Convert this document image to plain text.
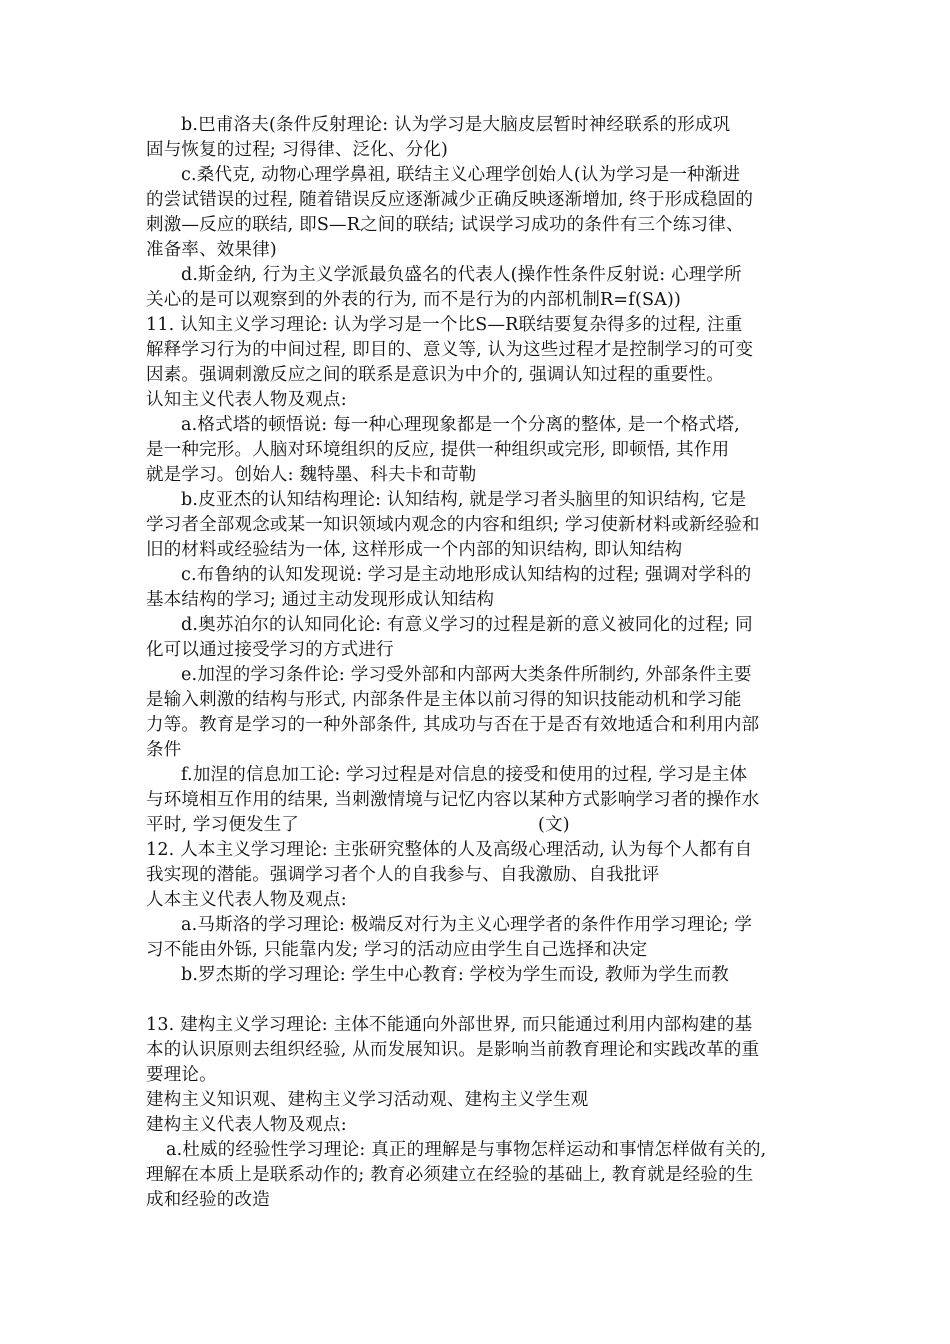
b.巴甫洛夫(条件反射理论: 认为学习是大脑皮层暂时神经联系的形成巩
固与恢复的过程; 习得律、泛化、分化)
c.桑代克, 动物心理学鼻祖, 联结主义心理学创始人(认为学习是一种渐进
的尝试错误的过程, 随着错误反应逐渐减少正确反映逐渐增加, 终于形成稳固的
刺激—反应的联结, 即S—R之间的联结; 试误学习成功的条件有三个练习律、
准备率、效果律)
d.斯金纳, 行为主义学派最负盛名的代表人(操作性条件反射说: 心理学所
关心的是可以观察到的外表的行为, 而不是行为的内部机制R=f(SA))
11. 认知主义学习理论: 认为学习是一个比S—R联结要复杂得多的过程, 注重
解释学习行为的中间过程, 即目的、意义等, 认为这些过程才是控制学习的可变
因素。强调刺激反应之间的联系是意识为中介的, 强调认知过程的重要性。
认知主义代表人物及观点:
a.格式塔的顿悟说: 每一种心理现象都是一个分离的整体, 是一个格式塔,
是一种完形。人脑对环境组织的反应, 提供一种组织或完形, 即顿悟, 其作用
就是学习。创始人: 魏特墨、科夫卡和苛勒
b.皮亚杰的认知结构理论: 认知结构, 就是学习者头脑里的知识结构, 它是
学习者全部观念或某一知识领域内观念的内容和组织; 学习使新材料或新经验和
旧的材料或经验结为一体, 这样形成一个内部的知识结构, 即认知结构
c.布鲁纳的认知发现说: 学习是主动地形成认知结构的过程; 强调对学科的
基本结构的学习; 通过主动发现形成认知结构
d.奥苏泊尔的认知同化论: 有意义学习的过程是新的意义被同化的过程; 同
化可以通过接受学习的方式进行
e.加涅的学习条件论: 学习受外部和内部两大类条件所制约, 外部条件主要
是输入刺激的结构与形式, 内部条件是主体以前习得的知识技能动机和学习能
力等。教育是学习的一种外部条件, 其成功与否在于是否有效地适合和利用内部
条件
f.加涅的信息加工论: 学习过程是对信息的接受和使用的过程, 学习是主体
与环境相互作用的结果, 当刺激情境与记忆内容以某种方式影响学习者的操作水
平时, 学习便发生了	(文)
12. 人本主义学习理论: 主张研究整体的人及高级心理活动, 认为每个人都有自
我实现的潜能。强调学习者个人的自我参与、自我激励、自我批评
人本主义代表人物及观点:
a.马斯洛的学习理论: 极端反对行为主义心理学者的条件作用学习理论; 学
习不能由外铄, 只能靠内发; 学习的活动应由学生自己选择和决定
b.罗杰斯的学习理论: 学生中心教育: 学校为学生而设, 教师为学生而教
13. 建构主义学习理论: 主体不能通向外部世界, 而只能通过利用内部构建的基
本的认识原则去组织经验, 从而发展知识。是影响当前教育理论和实践改革的重
要理论。
建构主义知识观、建构主义学习活动观、建构主义学生观
建构主义代表人物及观点:
a.杜威的经验性学习理论: 真正的理解是与事物怎样运动和事情怎样做有关的,
理解在本质上是联系动作的; 教育必须建立在经验的基础上, 教育就是经验的生
成和经验的改造
